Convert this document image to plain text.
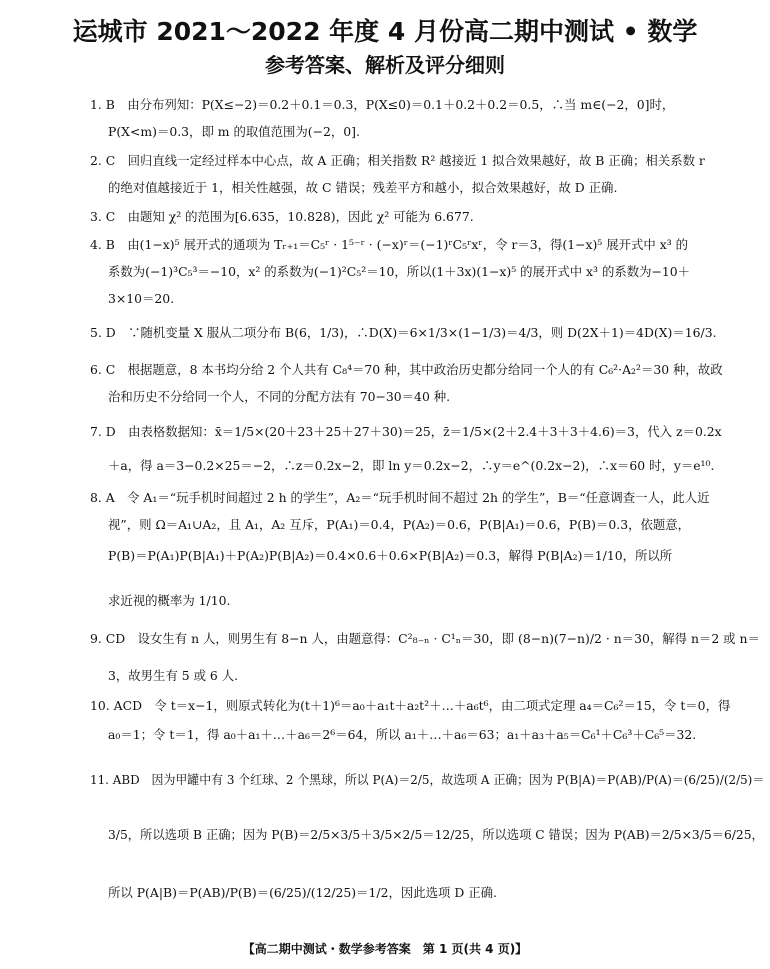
运城市 2021～2022 年度 4 月份高二期中测试 • 数学
参考答案、解析及评分细则
1. B　由分布列知：P(X≤−2)＝0.2＋0.1＝0.3，P(X≤0)＝0.1＋0.2＋0.2＝0.5，∴当 m∈(−2，0]时，
P(X<m)＝0.3，即 m 的取值范围为(−2，0].
2. C　回归直线一定经过样本中心点，故 A 正确；相关指数 R² 越接近 1 拟合效果越好，故 B 正确；相关系数 r
的绝对值越接近于 1，相关性越强，故 C 错误；残差平方和越小，拟合效果越好，故 D 正确.
3. C　由题知 χ² 的范围为[6.635，10.828)，因此 χ² 可能为 6.677.
4. B　由(1−x)⁵ 展开式的通项为 Tᵣ₊₁＝C₅ʳ · 1⁵⁻ʳ · (−x)ʳ＝(−1)ʳC₅ʳxʳ，令 r＝3，得(1−x)⁵ 展开式中 x³ 的
系数为(−1)³C₅³＝−10，x² 的系数为(−1)²C₅²＝10，所以(1＋3x)(1−x)⁵ 的展开式中 x³ 的系数为−10＋
3×10＝20.
5. D　∵随机变量 X 服从二项分布 B(6，1/3)，∴D(X)＝6×1/3×(1−1/3)＝4/3，则 D(2X＋1)＝4D(X)＝16/3.
6. C　根据题意，8 本书均分给 2 个人共有 C₈⁴＝70 种，其中政治历史都分给同一个人的有 C₆²·A₂²＝30 种，故政
治和历史不分给同一个人，不同的分配方法有 70−30＝40 种.
7. D　由表格数据知：x̄＝1/5×(20＋23＋25＋27＋30)＝25，z̄＝1/5×(2＋2.4＋3＋3＋4.6)＝3，代入 z＝0.2x
＋a，得 a＝3−0.2×25＝−2，∴z＝0.2x−2，即 ln y＝0.2x−2，∴y＝e^(0.2x−2)，∴x＝60 时，y＝e¹⁰.
8. A　令 A₁＝“玩手机时间超过 2 h 的学生”，A₂＝“玩手机时间不超过 2h 的学生”，B＝“任意调查一人，此人近
视”，则 Ω＝A₁∪A₂，且 A₁，A₂ 互斥，P(A₁)＝0.4，P(A₂)＝0.6，P(B|A₁)＝0.6，P(B)＝0.3，依题意，
P(B)＝P(A₁)P(B|A₁)＋P(A₂)P(B|A₂)＝0.4×0.6＋0.6×P(B|A₂)＝0.3，解得 P(B|A₂)＝1/10，所以所
求近视的概率为 1/10.
9. CD　设女生有 n 人，则男生有 8−n 人，由题意得：C²₈₋ₙ · C¹ₙ＝30，即 (8−n)(7−n)/2 · n＝30，解得 n＝2 或 n＝
3，故男生有 5 或 6 人.
10. ACD　令 t＝x−1，则原式转化为(t＋1)⁶＝a₀＋a₁t＋a₂t²＋…＋a₆t⁶，由二项式定理 a₄＝C₆²＝15，令 t＝0，得
a₀＝1；令 t＝1，得 a₀＋a₁＋…＋a₆＝2⁶＝64，所以 a₁＋…＋a₆＝63；a₁＋a₃＋a₅＝C₆¹＋C₆³＋C₆⁵＝32.
11. ABD　因为甲罐中有 3 个红球、2 个黑球，所以 P(A)＝2/5，故选项 A 正确；因为 P(B|A)＝P(AB)/P(A)＝(6/25)/(2/5)＝
3/5，所以选项 B 正确；因为 P(B)＝2/5×3/5＋3/5×2/5＝12/25，所以选项 C 错误；因为 P(AB)＝2/5×3/5＝6/25，
所以 P(A|B)＝P(AB)/P(B)＝(6/25)/(12/25)＝1/2，因此选项 D 正确.
【高二期中测试・数学参考答案　第 1 页(共 4 页)】
